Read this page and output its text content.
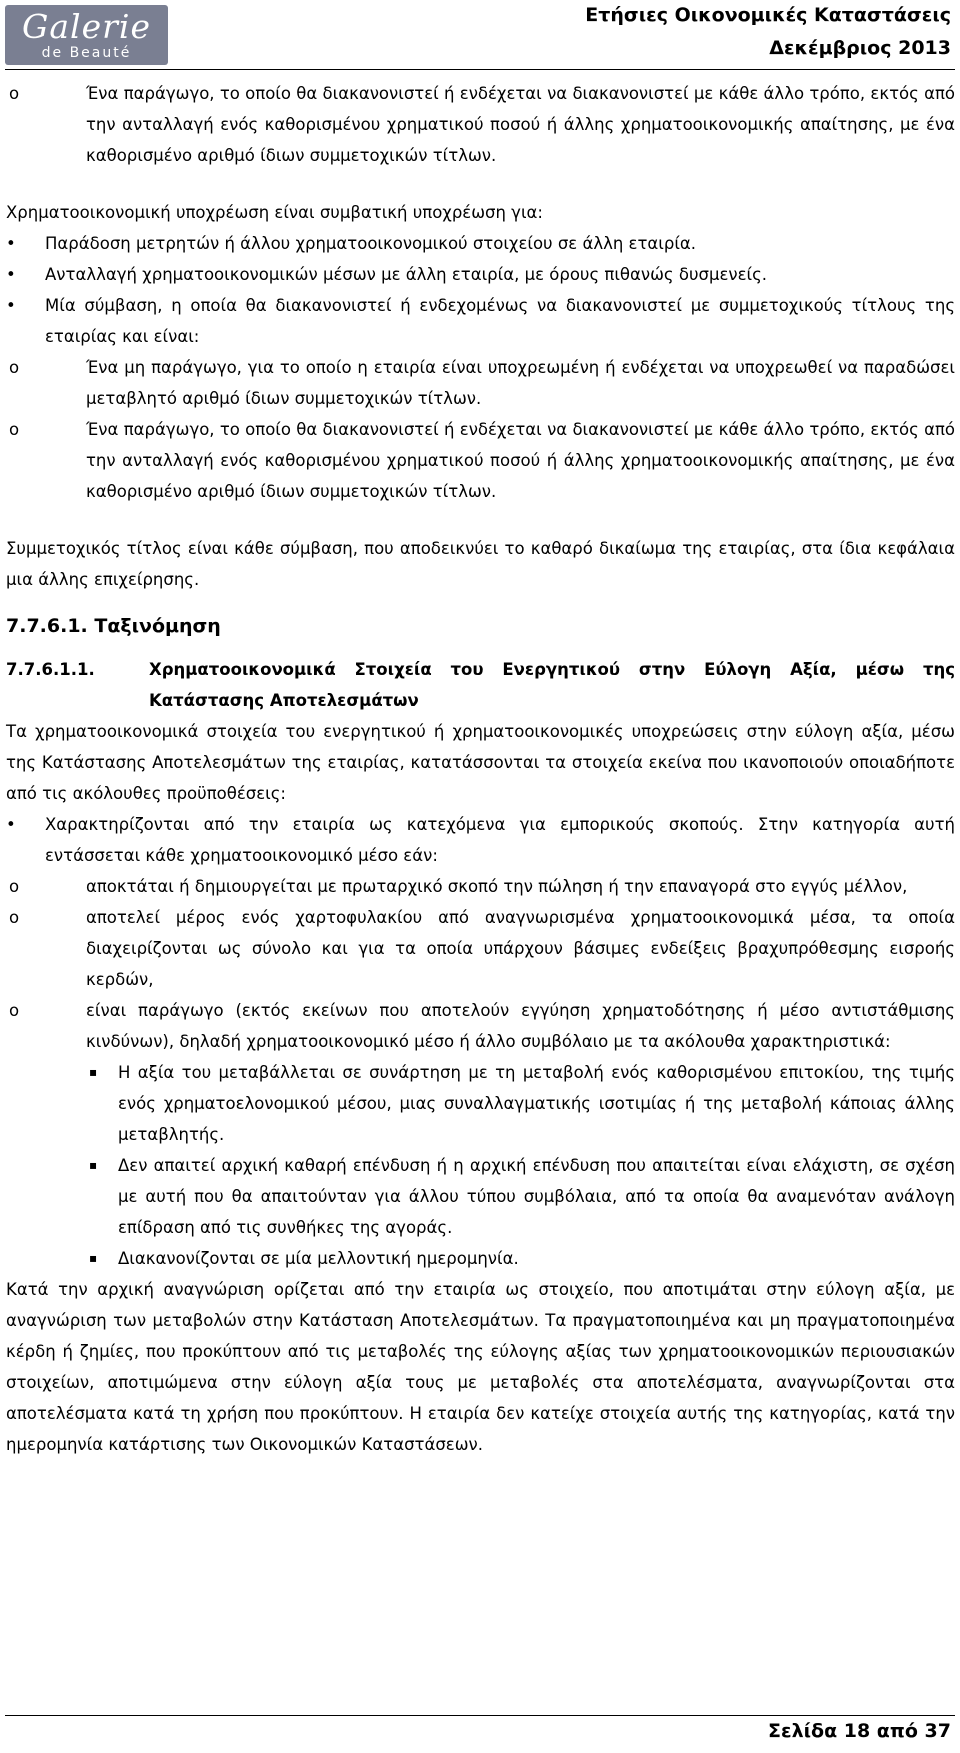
Galerie
de Beauté
Ετήσιες Οικονομικές Καταστάσεις
Δεκέμβριος 2013
o	Ένα παράγωγο, το οποίο θα διακανονιστεί ή ενδέχεται να διακανονιστεί με κάθε άλλο τρόπο, εκτός από την ανταλλαγή ενός καθορισμένου χρηματικού ποσού ή άλλης χρηματοοικονομικής απαίτησης, με ένα καθορισμένο αριθμό ίδιων συμμετοχικών τίτλων.

Χρηματοοικονομική υποχρέωση είναι συμβατική υποχρέωση για:

• Παράδοση μετρητών ή άλλου χρηματοοικονομικού στοιχείου σε άλλη εταιρία.
• Ανταλλαγή χρηματοοικονομικών μέσων με άλλη εταιρία, με όρους πιθανώς δυσμενείς.
• Μία σύμβαση, η οποία θα διακανονιστεί ή ενδεχομένως να διακανονιστεί με συμμετοχικούς τίτλους της εταιρίας και είναι:
o	Ένα μη παράγωγο, για το οποίο η εταιρία είναι υποχρεωμένη ή ενδέχεται να υποχρεωθεί να παραδώσει μεταβλητό αριθμό ίδιων συμμετοχικών τίτλων.
o	Ένα παράγωγο, το οποίο θα διακανονιστεί ή ενδέχεται να διακανονιστεί με κάθε άλλο τρόπο, εκτός από την ανταλλαγή ενός καθορισμένου χρηματικού ποσού ή άλλης χρηματοοικονομικής απαίτησης, με ένα καθορισμένο αριθμό ίδιων συμμετοχικών τίτλων.

Συμμετοχικός τίτλος είναι κάθε σύμβαση, που αποδεικνύει το καθαρό δικαίωμα της εταιρίας, στα ίδια κεφάλαια μια άλλης επιχείρησης.

7.7.6.1. Ταξινόμηση
7.7.6.1.1.	Χρηματοοικονομικά Στοιχεία του Ενεργητικού στην Εύλογη Αξία, μέσω της Κατάστασης Αποτελεσμάτων

Τα χρηματοοικονομικά στοιχεία του ενεργητικού ή χρηματοοικονομικές υποχρεώσεις στην εύλογη αξία, μέσω της Κατάστασης Αποτελεσμάτων της εταιρίας, κατατάσσονται τα στοιχεία εκείνα που ικανοποιούν οποιαδήποτε από τις ακόλουθες προϋποθέσεις:

• Χαρακτηρίζονται από την εταιρία ως κατεχόμενα για εμπορικούς σκοπούς. Στην κατηγορία αυτή εντάσσεται κάθε χρηματοοικονομικό μέσο εάν:
o	αποκτάται ή δημιουργείται με πρωταρχικό σκοπό την πώληση ή την επαναγορά στο εγγύς μέλλον,
o	αποτελεί μέρος ενός χαρτοφυλακίου από αναγνωρισμένα χρηματοοικονομικά μέσα, τα οποία διαχειρίζονται ως σύνολο και για τα οποία υπάρχουν βάσιμες ενδείξεις βραχυπρόθεσμης εισροής κερδών,
o	είναι παράγωγο (εκτός εκείνων που αποτελούν εγγύηση χρηματοδότησης ή μέσο αντιστάθμισης κινδύνων), δηλαδή χρηματοοικονομικό μέσο ή άλλο συμβόλαιο με τα ακόλουθα χαρακτηριστικά:
▪ Η αξία του μεταβάλλεται σε συνάρτηση με τη μεταβολή ενός καθορισμένου επιτοκίου, της τιμής ενός χρηματοελονομικού μέσου, μιας συναλλαγματικής ισοτιμίας ή της μεταβολή κάποιας άλλης μεταβλητής.
▪ Δεν απαιτεί αρχική καθαρή επένδυση ή η αρχική επένδυση που απαιτείται είναι ελάχιστη, σε σχέση με αυτή που θα απαιτούνταν για άλλου τύπου συμβόλαια, από τα οποία θα αναμενόταν ανάλογη επίδραση από τις συνθήκες της αγοράς.
▪ Διακανονίζονται σε μία μελλοντική ημερομηνία.

Κατά την αρχική αναγνώριση ορίζεται από την εταιρία ως στοιχείο, που αποτιμάται στην εύλογη αξία, με αναγνώριση των μεταβολών στην Κατάσταση Αποτελεσμάτων. Τα πραγματοποιημένα και μη πραγματοποιημένα κέρδη ή ζημίες, που προκύπτουν από τις μεταβολές της εύλογης αξίας των χρηματοοικονομικών περιουσιακών στοιχείων, αποτιμώμενα στην εύλογη αξία τους με μεταβολές στα αποτελέσματα, αναγνωρίζονται στα αποτελέσματα κατά τη χρήση που προκύπτουν. Η εταιρία δεν κατείχε στοιχεία αυτής της κατηγορίας, κατά την ημερομηνία κατάρτισης των Οικονομικών Καταστάσεων.

Σελίδα 18 από 37
